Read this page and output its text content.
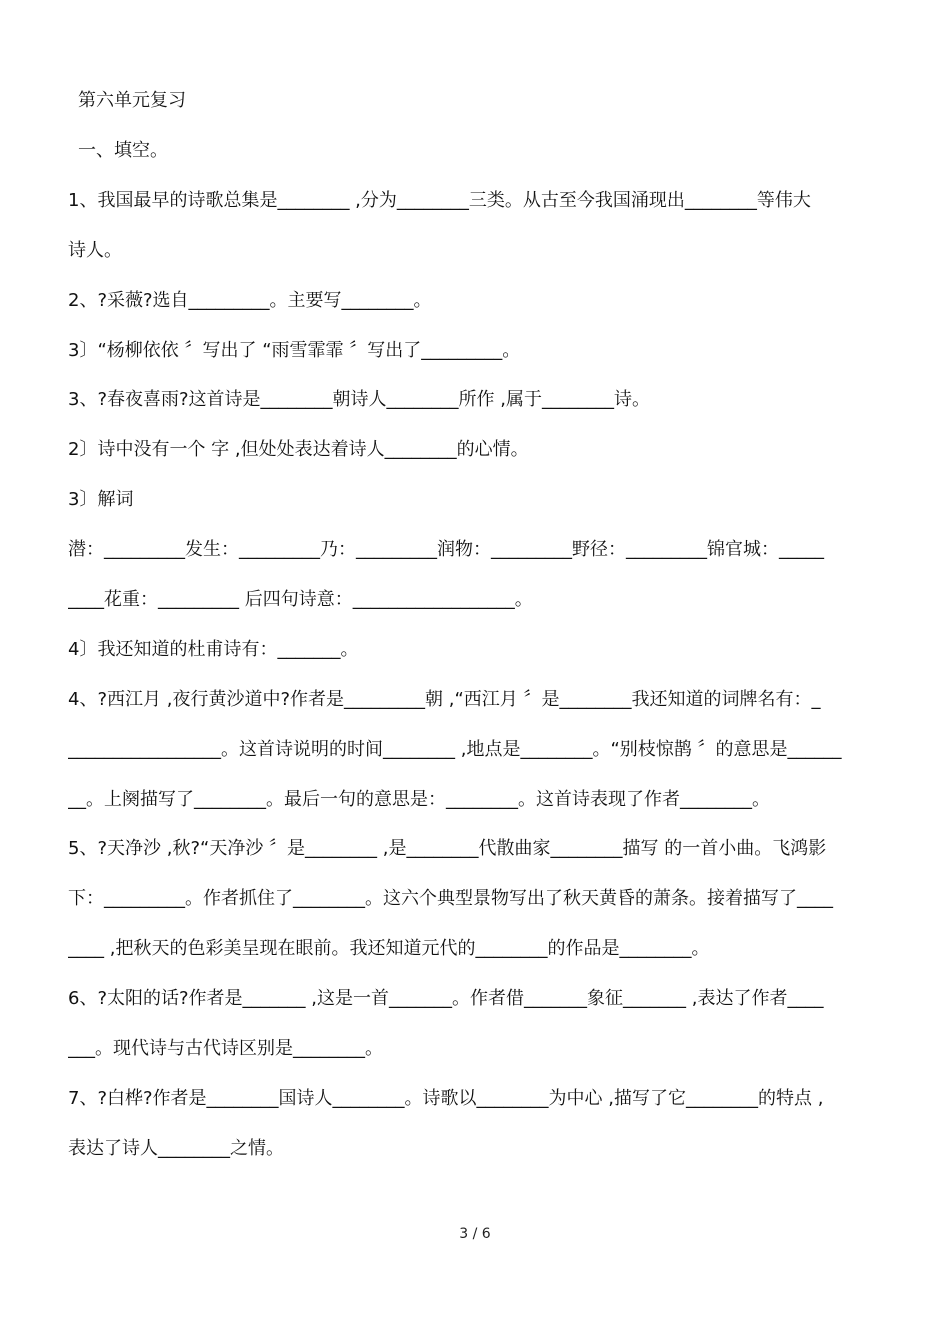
第六单元复习
一、填空。
1、我国最早的诗歌总集是________ ,分为________三类。从古至今我国涌现出________等伟大
诗人。
2、?采薇?选自_________。主要写________。
3〕“杨柳依依 〞写出了 “雨雪霏霏 〞写出了_________。
3、?春夜喜雨?这首诗是________朝诗人________所作 ,属于________诗。
2〕诗中没有一个 字 ,但处处表达着诗人________的心情。
3〕解词
潜：_________发生：_________乃：_________润物：_________野径：_________锦官城：_____
____花重：_________ 后四句诗意：__________________。
4〕我还知道的杜甫诗有：_______。
4、?西江月 ,夜行黄沙道中?作者是_________朝 ,“西江月 〞是________我还知道的词牌名有：_
_________________。这首诗说明的时间________ ,地点是________。“别枝惊鹊 〞的意思是______
__。上阕描写了________。最后一句的意思是：________。这首诗表现了作者________。
5、?天净沙 ,秋?“天净沙 〞是________ ,是________代散曲家________描写 的一首小曲。飞鸿影
下：_________。作者抓住了________。这六个典型景物写出了秋天黄昏的萧条。接着描写了____
____ ,把秋天的色彩美呈现在眼前。我还知道元代的________的作品是________。
6、?太阳的话?作者是_______ ,这是一首_______。作者借_______象征_______ ,表达了作者____
___。现代诗与古代诗区别是________。
7、?白桦?作者是________国诗人________。诗歌以________为中心 ,描写了它________的特点 ,
表达了诗人________之情。
3 / 6
